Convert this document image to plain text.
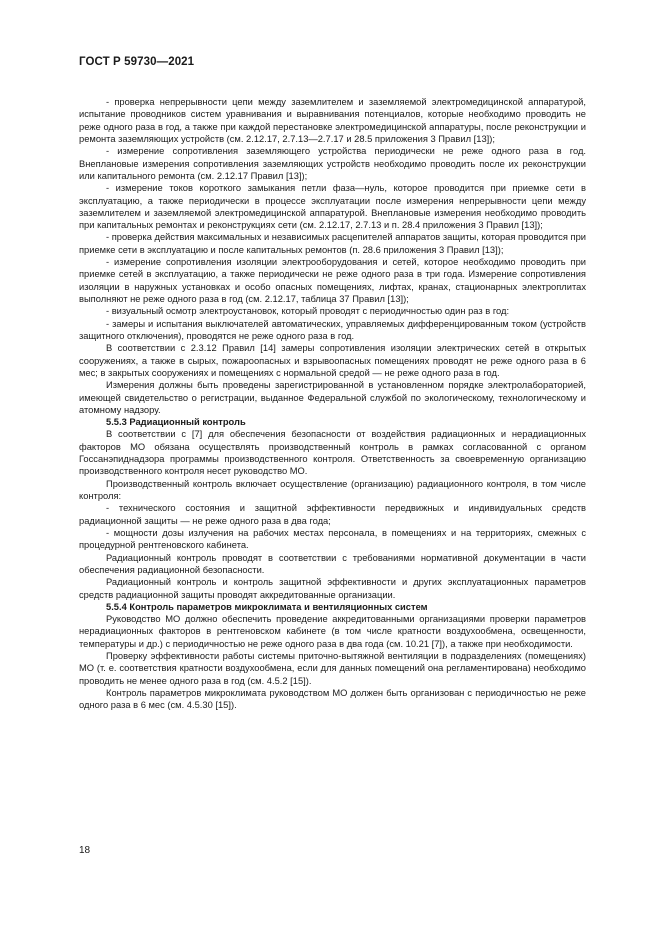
ГОСТ Р 59730—2021

- проверка непрерывности цепи между заземлителем и заземляемой электромедицинской аппаратурой, испытание проводников систем уравнивания и выравнивания потенциалов, которые необходимо проводить не реже одного раза в год, а также при каждой перестановке электромедицинской аппаратуры, после реконструкции и ремонта заземляющих устройств (см. 2.12.17, 2.7.13—2.7.17 и 28.5 приложения 3 Правил [13]);

- измерение сопротивления заземляющего устройства периодически не реже одного раза в год. Внеплановые измерения сопротивления заземляющих устройств необходимо проводить после их реконструкции или капитального ремонта (см. 2.12.17 Правил [13]);

- измерение токов короткого замыкания петли фаза—нуль, которое проводится при приемке сети в эксплуатацию, а также периодически в процессе эксплуатации после измерения непрерывности цепи между заземлителем и заземляемой электромедицинской аппаратурой. Внеплановые измерения необходимо проводить при капитальных ремонтах и реконструкциях сети (см. 2.12.17, 2.7.13 и п. 28.4 приложения 3 Правил [13]);

- проверка действия максимальных и независимых расцепителей аппаратов защиты, которая проводится при приемке сети в эксплуатацию и после капитальных ремонтов (п. 28.6 приложения 3 Правил [13]);

- измерение сопротивления изоляции электрооборудования и сетей, которое необходимо проводить при приемке сетей в эксплуатацию, а также периодически не реже одного раза в три года. Измерение сопротивления изоляции в наружных установках и особо опасных помещениях, лифтах, кранах, стационарных электроплитах выполняют не реже одного раза в год (см. 2.12.17, таблица 37 Правил [13]);

- визуальный осмотр электроустановок, который проводят с периодичностью один раз в год:

- замеры и испытания выключателей автоматических, управляемых дифференцированным током (устройств защитного отключения), проводятся не реже одного раза в год.

В соответствии с 2.3.12 Правил [14] замеры сопротивления изоляции электрических сетей в открытых сооружениях, а также в сырых, пожароопасных и взрывоопасных помещениях проводят не реже одного раза в 6 мес; в закрытых сооружениях и помещениях с нормальной средой — не реже одного раза в год.

Измерения должны быть проведены зарегистрированной в установленном порядке электролабораторией, имеющей свидетельство о регистрации, выданное Федеральной службой по экологическому, технологическому и атомному надзору.

5.5.3 Радиационный контроль

В соответствии с [7] для обеспечения безопасности от воздействия радиационных и нерадиационных факторов МО обязана осуществлять производственный контроль в рамках согласованной с органом Госсанэпиднадзора программы производственного контроля. Ответственность за своевременную организацию производственного контроля несет руководство МО.

Производственный контроль включает осуществление (организацию) радиационного контроля, в том числе контроля:

- технического состояния и защитной эффективности передвижных и индивидуальных средств радиационной защиты — не реже одного раза в два года;

- мощности дозы излучения на рабочих местах персонала, в помещениях и на территориях, смежных с процедурной рентгеновского кабинета.

Радиационный контроль проводят в соответствии с требованиями нормативной документации в части обеспечения радиационной безопасности.

Радиационный контроль и контроль защитной эффективности и других эксплуатационных параметров средств радиационной защиты проводят аккредитованные организации.

5.5.4 Контроль параметров микроклимата и вентиляционных систем

Руководство МО должно обеспечить проведение аккредитованными организациями проверки параметров нерадиационных факторов в рентгеновском кабинете (в том числе кратности воздухообмена, освещенности, температуры и др.) с периодичностью не реже одного раза в два года (см. 10.21 [7]), а также при необходимости.

Проверку эффективности работы системы приточно-вытяжной вентиляции в подразделениях (помещениях) МО (т. е. соответствия кратности воздухообмена, если для данных помещений она регламентирована) необходимо проводить не менее одного раза в год (см. 4.5.2 [15]).

Контроль параметров микроклимата руководством МО должен быть организован с периодичностью не реже одного раза в 6 мес (см. 4.5.30 [15]).

18
